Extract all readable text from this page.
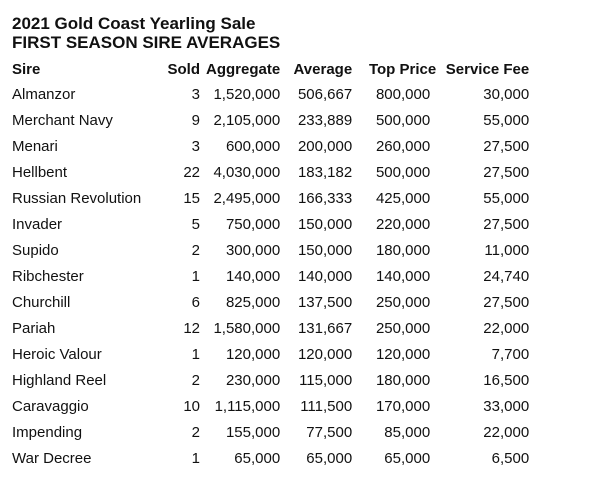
2021 Gold Coast Yearling Sale
FIRST SEASON SIRE AVERAGES
Sire	Sold	Aggregate	Average	Top Price	Service Fee
Almanzor	3	1,520,000	506,667	800,000	30,000
Merchant Navy	9	2,105,000	233,889	500,000	55,000
Menari	3	600,000	200,000	260,000	27,500
Hellbent	22	4,030,000	183,182	500,000	27,500
Russian Revolution	15	2,495,000	166,333	425,000	55,000
Invader	5	750,000	150,000	220,000	27,500
Supido	2	300,000	150,000	180,000	11,000
Ribchester	1	140,000	140,000	140,000	24,740
Churchill	6	825,000	137,500	250,000	27,500
Pariah	12	1,580,000	131,667	250,000	22,000
Heroic Valour	1	120,000	120,000	120,000	7,700
Highland Reel	2	230,000	115,000	180,000	16,500
Caravaggio	10	1,115,000	111,500	170,000	33,000
Impending	2	155,000	77,500	85,000	22,000
War Decree	1	65,000	65,000	65,000	6,500
